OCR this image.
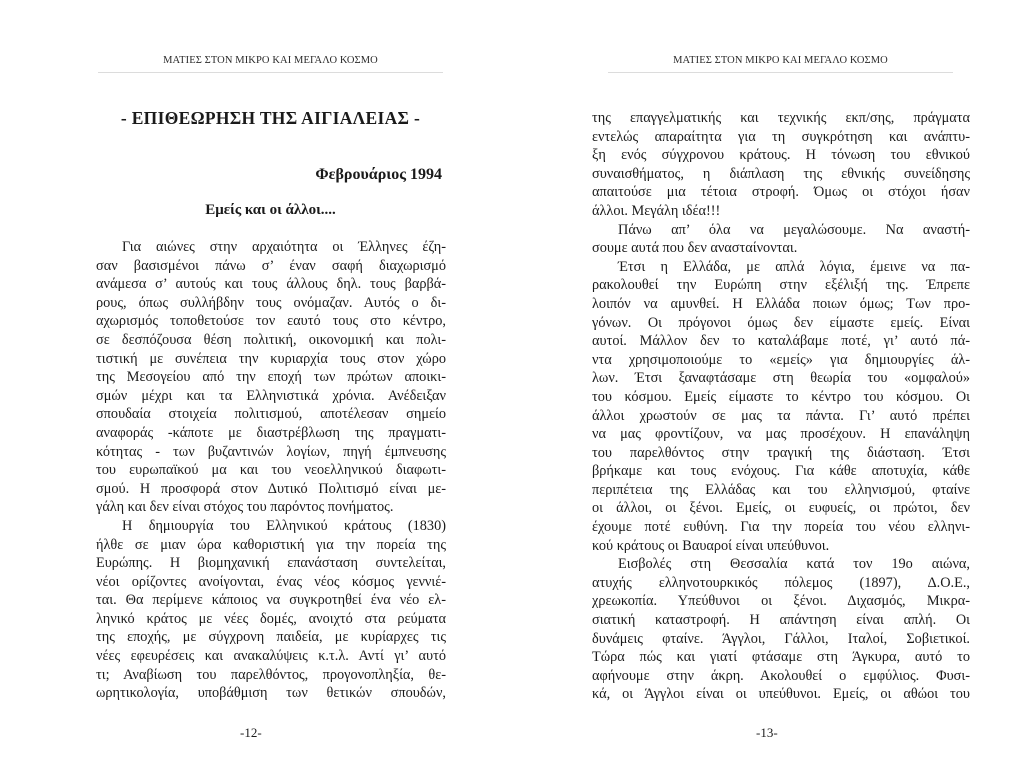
ΜΑΤΙΕΣ ΣΤΟΝ ΜΙΚΡΟ ΚΑΙ ΜΕΓΑΛΟ ΚΟΣΜΟ
- ΕΠΙΘΕΩΡΗΣΗ ΤΗΣ ΑΙΓΙΑΛΕΙΑΣ -
Φεβρουάριος 1994
Εμείς και οι άλλοι....
Για αιώνες στην αρχαιότητα οι Έλληνες έζη-
σαν βασισμένοι πάνω σ’ έναν σαφή διαχωρισμό
ανάμεσα σ’ αυτούς και τους άλλους δηλ. τους βαρβά-
ρους, όπως συλλήβδην τους ονόμαζαν. Αυτός ο δι-
αχωρισμός τοποθετούσε τον εαυτό τους στο κέντρο,
σε δεσπόζουσα θέση πολιτική, οικονομική και πολι-
τιστική με συνέπεια την κυριαρχία τους στον χώρο
της Μεσογείου από την εποχή των πρώτων αποικι-
σμών μέχρι και τα Ελληνιστικά χρόνια. Ανέδειξαν
σπουδαία στοιχεία πολιτισμού, αποτέλεσαν σημείο
αναφοράς -κάποτε με διαστρέβλωση της πραγματι-
κότητας - των βυζαντινών λογίων, πηγή έμπνευσης
του ευρωπαϊκού μα και του νεοελληνικού διαφωτι-
σμού. Η προσφορά στον Δυτικό Πολιτισμό είναι με-
γάλη και δεν είναι στόχος του παρόντος πονήματος.
Η δημιουργία του Ελληνικού κράτους (1830)
ήλθε σε μιαν ώρα καθοριστική για την πορεία της
Ευρώπης. Η βιομηχανική επανάσταση συντελείται,
νέοι ορίζοντες ανοίγονται, ένας νέος κόσμος γεννιέ-
ται. Θα περίμενε κάποιος να συγκροτηθεί ένα νέο ελ-
ληνικό κράτος με νέες δομές, ανοιχτό στα ρεύματα
της εποχής, με σύγχρονη παιδεία, με κυρίαρχες τις
νέες εφευρέσεις και ανακαλύψεις κ.τ.λ. Αντί γι’ αυτό
τι; Αναβίωση του παρελθόντος, προγονοπληξία, θε-
ωρητικολογία, υποβάθμιση των θετικών σπουδών,
-12-
ΜΑΤΙΕΣ ΣΤΟΝ ΜΙΚΡΟ ΚΑΙ ΜΕΓΑΛΟ ΚΟΣΜΟ
της επαγγελματικής και τεχνικής εκπ/σης, πράγματα
εντελώς απαραίτητα για τη συγκρότηση και ανάπτυ-
ξη ενός σύγχρονου κράτους. Η τόνωση του εθνικού
συναισθήματος, η διάπλαση της εθνικής συνείδησης
απαιτούσε μια τέτοια στροφή. Όμως οι στόχοι ήσαν
άλλοι. Μεγάλη ιδέα!!!
Πάνω απ’ όλα να μεγαλώσουμε. Να αναστή-
σουμε αυτά που δεν ανασταίνονται.
Έτσι η Ελλάδα, με απλά λόγια, έμεινε να πα-
ρακολουθεί την Ευρώπη στην εξέλιξή της. Έπρεπε
λοιπόν να αμυνθεί. Η Ελλάδα ποιων όμως; Των προ-
γόνων. Οι πρόγονοι όμως δεν είμαστε εμείς. Είναι
αυτοί. Μάλλον δεν το καταλάβαμε ποτέ, γι’ αυτό πά-
ντα χρησιμοποιούμε το «εμείς» για δημιουργίες άλ-
λων. Έτσι ξαναφτάσαμε στη θεωρία του «ομφαλού»
του κόσμου. Εμείς είμαστε το κέντρο του κόσμου. Οι
άλλοι χρωστούν σε μας τα πάντα. Γι’ αυτό πρέπει
να μας φροντίζουν, να μας προσέχουν. Η επανάληψη
του παρελθόντος στην τραγική της διάσταση. Έτσι
βρήκαμε και τους ενόχους. Για κάθε αποτυχία, κάθε
περιπέτεια της Ελλάδας και του ελληνισμού, φταίνε
οι άλλοι, οι ξένοι. Εμείς, οι ευφυείς, οι πρώτοι, δεν
έχουμε ποτέ ευθύνη. Για την πορεία του νέου ελληνι-
κού κράτους οι Βαυαροί είναι υπεύθυνοι.
Εισβολές στη Θεσσαλία κατά τον 19ο αιώνα,
ατυχής ελληνοτουρκικός πόλεμος (1897), Δ.Ο.Ε.,
χρεωκοπία. Υπεύθυνοι οι ξένοι. Διχασμός, Μικρα-
σιατική καταστροφή. Η απάντηση είναι απλή. Οι
δυνάμεις φταίνε. Άγγλοι, Γάλλοι, Ιταλοί, Σοβιετικοί.
Τώρα πώς και γιατί φτάσαμε στη Άγκυρα, αυτό το
αφήνουμε στην άκρη. Ακολουθεί ο εμφύλιος. Φυσι-
κά, οι Άγγλοι είναι οι υπεύθυνοι. Εμείς, οι αθώοι του
-13-
